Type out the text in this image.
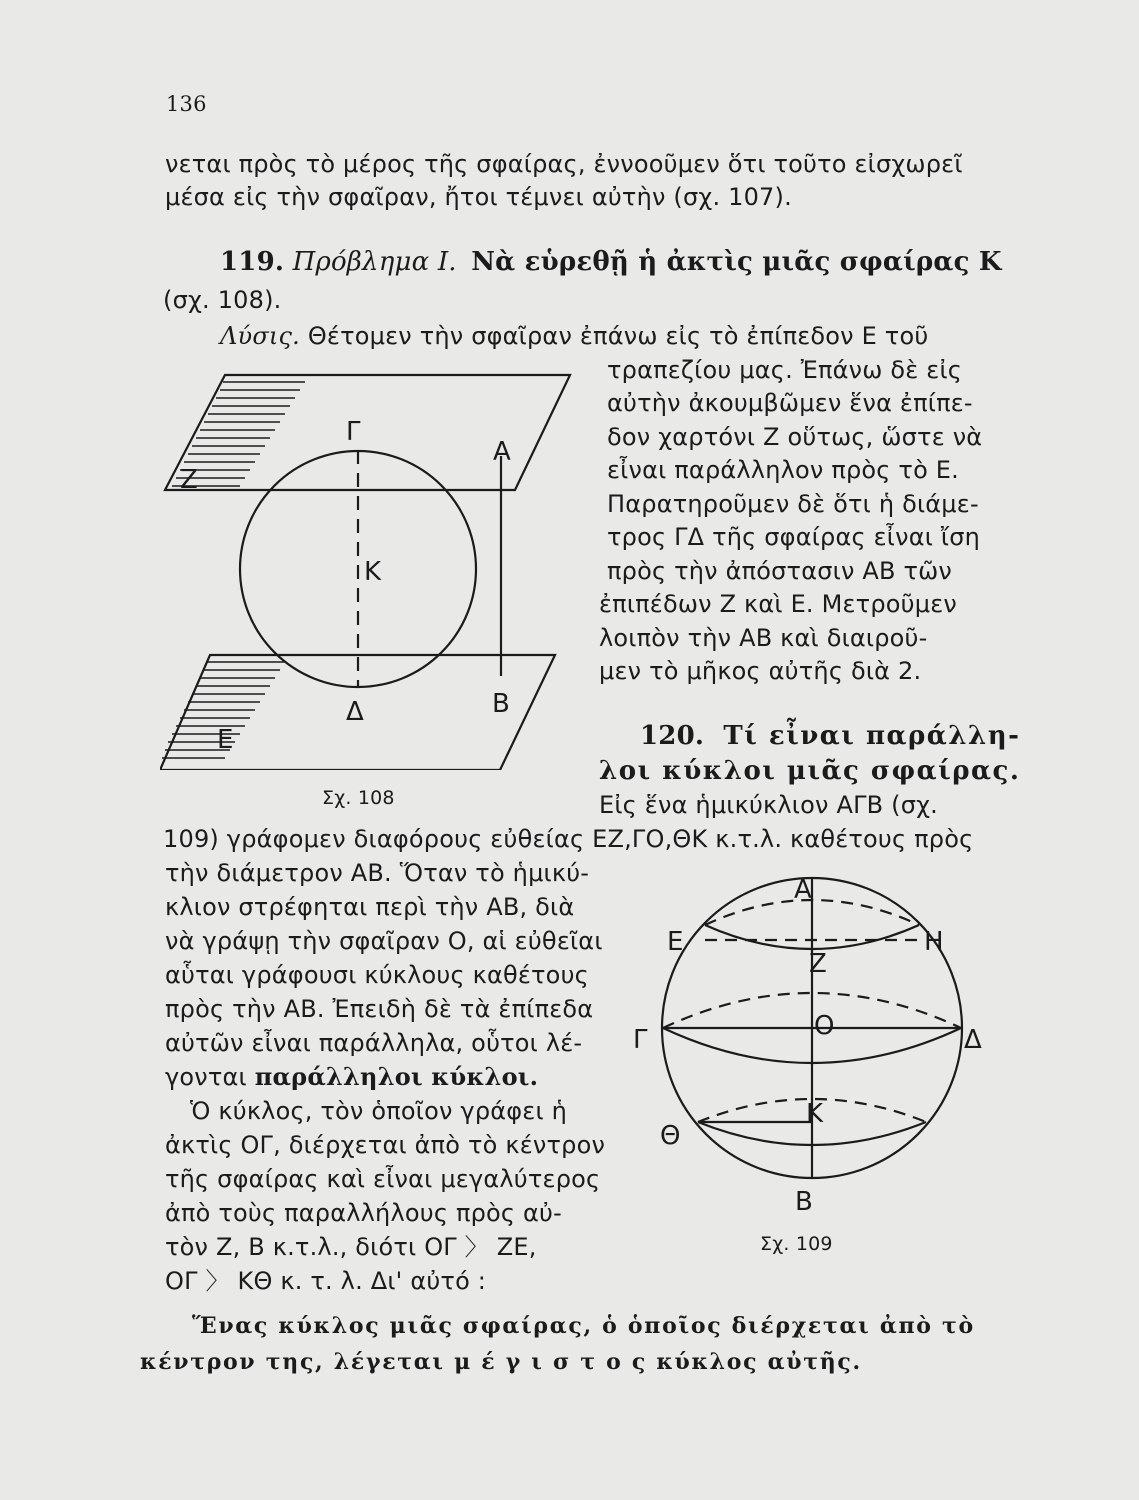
136
νεται πρὸς τὸ μέρος τῆς σφαίρας, ἐννοοῦμεν ὅτι τοῦτο εἰσχωρεῖ
μέσα εἰς τὴν σφαῖραν, ἤτοι τέμνει αὐτὴν (σχ. 107).
119. Πρόβλημα Ι. Νὰ εὑρεθῇ ἡ ἀκτὶς μιᾶς σφαίρας Κ
(σχ. 108).
Λύσις. Θέτομεν τὴν σφαῖραν ἐπάνω εἰς τὸ ἐπίπεδον Ε τοῦ
τραπεζίου μας. Ἐπάνω δὲ εἰς
αὐτὴν ἀκουμβῶμεν ἕνα ἐπίπε-
δον χαρτόνι Ζ οὕτως, ὥστε νὰ
εἶναι παράλληλον πρὸς τὸ Ε.
Παρατηροῦμεν δὲ ὅτι ἡ διάμε-
τρος ΓΔ τῆς σφαίρας εἶναι ἴση
πρὸς τὴν ἀπόστασιν ΑΒ τῶν
ἐπιπέδων Ζ καὶ Ε. Μετροῦμεν
λοιπὸν τὴν ΑΒ καὶ διαιροῦ-
μεν τὸ μῆκος αὐτῆς διὰ 2.
Γ
Α
Ζ
Κ
Δ	Β
Ε
Σχ. 108
120. Τί εἶναι παράλλη-
λοι κύκλοι μιᾶς σφαίρας.
Εἰς ἕνα ἡμικύκλιον ΑΓΒ (σχ.
109) γράφομεν διαφόρους εὐθείας ΕΖ,ΓΟ,ΘΚ κ.τ.λ. καθέτους πρὸς
τὴν διάμετρον ΑΒ. Ὅταν τὸ ἡμικύ-
κλιον στρέφηται περὶ τὴν ΑΒ, διὰ
νὰ γράψῃ τὴν σφαῖραν Ο, αἱ εὐθεῖαι
αὗται γράφουσι κύκλους καθέτους
πρὸς τὴν ΑΒ. Ἐπειδὴ δὲ τὰ ἐπίπεδα
αὐτῶν εἶναι παράλληλα, οὗτοι λέ-
γονται παράλληλοι κύκλοι.
Ὁ κύκλος, τὸν ὁποῖον γράφει ἡ
ἀκτὶς ΟΓ, διέρχεται ἀπὸ τὸ κέντρον
τῆς σφαίρας καὶ εἶναι μεγαλύτερος
ἀπὸ τοὺς παραλλήλους πρὸς αὐ-
τὸν Ζ, Β κ.τ.λ., διότι ΟΓ 〉 ΖΕ,
ΟΓ 〉 ΚΘ κ. τ. λ. Δι' αὐτό :
Α
Ε	Η
Ζ
Γ	Ο	Δ
Θ
Κ
Β
Σχ. 109
Ἕνας κύκλος μιᾶς σφαίρας, ὁ ὁποῖος διέρχεται ἀπὸ τὸ
κέντρον της, λέγεται μ έ γ ι σ τ ο ς κύκλος αὐτῆς.
